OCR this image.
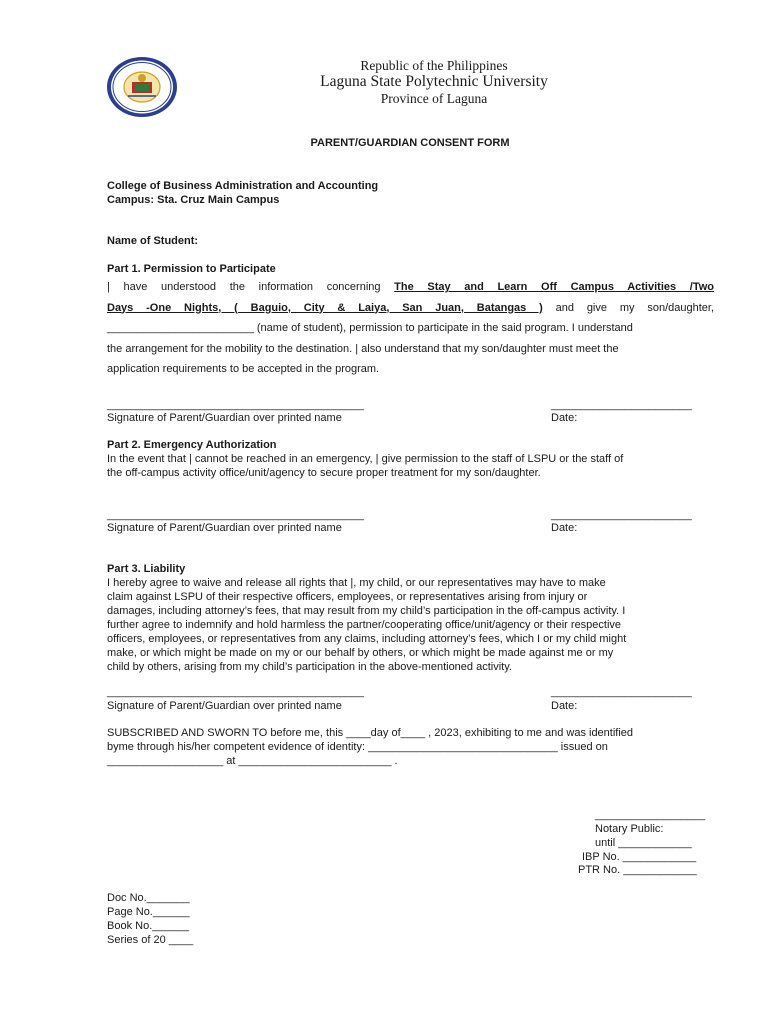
Republic of the Philippines
Laguna State Polytechnic University
Province of Laguna
PARENT/GUARDIAN CONSENT FORM
College of Business Administration and Accounting
Campus: Sta. Cruz Main Campus
Name of Student:
Part 1. Permission to Participate
| have understood the information concerning The Stay and Learn Off Campus Activities /Two
Days -One Nights, ( Baguio, City & Laiya, San Juan, Batangas ) and give my son/daughter,
________________________ (name of student), permission to participate in the said program. I understand
the arrangement for the mobility to the destination. | also understand that my son/daughter must meet the
application requirements to be accepted in the program.
__________________________________________
Signature of Parent/Guardian over printed name
_______________________
Date:
Part 2. Emergency Authorization
In the event that | cannot be reached in an emergency, | give permission to the staff of LSPU or the staff of
the off-campus activity office/unit/agency to secure proper treatment for my son/daughter.
__________________________________________
Signature of Parent/Guardian over printed name
_______________________
Date:
Part 3. Liability
I hereby agree to waive and release all rights that |, my child, or our representatives may have to make
claim against LSPU of their respective officers, employees, or representatives arising from injury or
damages, including attorney’s fees, that may result from my child’s participation in the off-campus activity. I
further agree to indemnify and hold harmless the partner/cooperating office/unit/agency or their respective
officers, employees, or representatives from any claims, including attorney’s fees, which I or my child might
make, or which might be made on my or our behalf by others, or which might be made against me or my
child by others, arising from my child’s participation in the above-mentioned activity.
__________________________________________
Signature of Parent/Guardian over printed name
_______________________
Date:
SUBSCRIBED AND SWORN TO before me, this ____day of____ , 2023, exhibiting to me and was identified
byme through his/her competent evidence of identity: _______________________________ issued on
___________________ at _________________________ .
__________________
Notary Public:
until ____________
IBP No. ____________
PTR No. ____________
Doc No._______
Page No.______
Book No.______
Series of 20 ____
